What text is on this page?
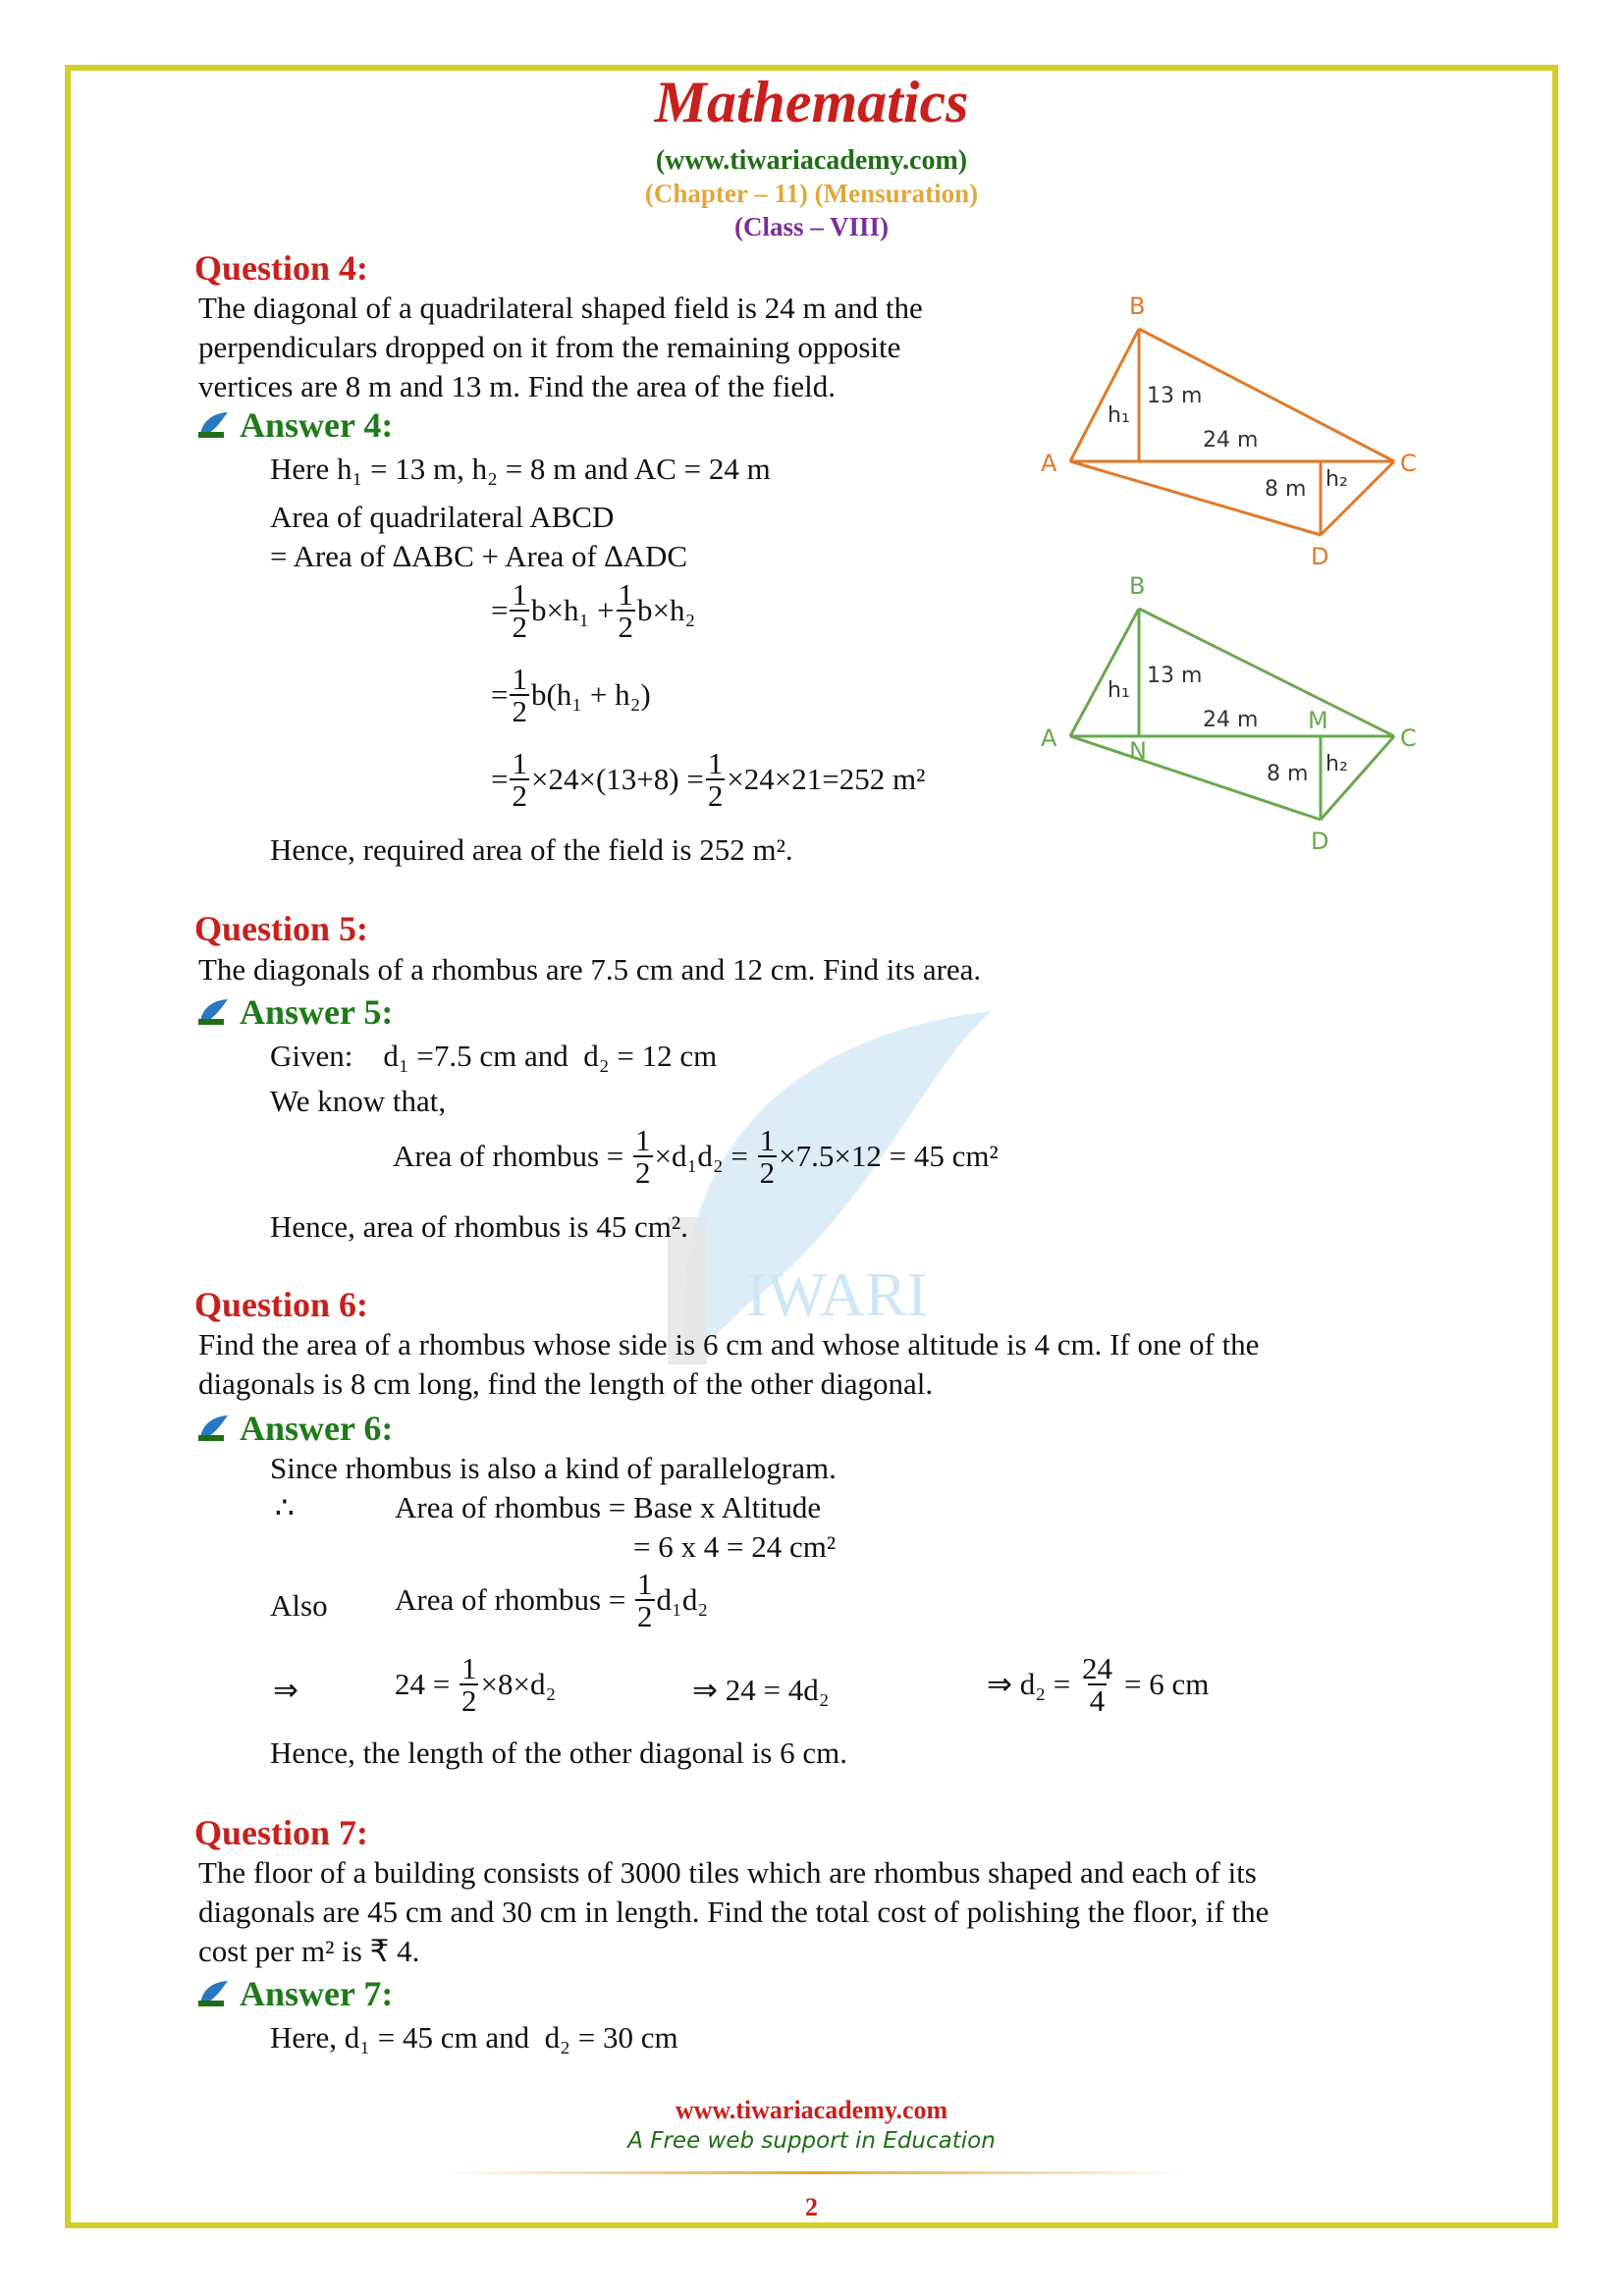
IWARI
Mathematics
(www.tiwariacademy.com)
(Chapter – 11) (Mensuration)
(Class – VIII)
Question 4:
The diagonal of a quadrilateral shaped field is 24 m and the
perpendiculars dropped on it from the remaining opposite
vertices are 8 m and 13 m. Find the area of the field.
Answer 4:
Here h₁ = 13 m, h₂ = 8 m and AC = 24 m
Area of quadrilateral ABCD
= Area of ∆ABC + Area of ∆ADC
= $\frac{1}{2} b\times h_1 + \frac{1}{2} b\times h_2$
= $\frac{1}{2} b(h_1 + h_2)$
= $\frac{1}{2} \times 24\times(13+8) = \frac{1}{2} \times 24\times 21=252$ m²
Hence, required area of the field is 252 m².
B
A	C
D
h₁
13 m
24 m
8 m h₂
B
A	C
D
N
M
h₁
13 m
24 m
8 m h₂
Question 5:
The diagonals of a rhombus are 7.5 cm and 12 cm. Find its area.
Answer 5:
Given:    d₁ =7.5 cm and  d₂ = 12 cm
We know that,
Area of rhombus = $\frac{1}{2} \times d_1d_2 = \frac{1}{2} \times 7.5\times 12 = 45$ cm²
Hence, area of rhombus is 45 cm².
Question 6:
Find the area of a rhombus whose side is 6 cm and whose altitude is 4 cm. If one of the
diagonals is 8 cm long, find the length of the other diagonal.
Answer 6:
Since rhombus is also a kind of parallelogram.
∴	Area of rhombus = Base x Altitude
= 6 x 4 = 24 cm²
Also Area of rhombus = $\frac{1}{2} d_1d_2$
⇒	$24 = \frac{1}{2} \times 8\times d_2$	⇒ 24 = 4d₂	⇒ $d_2 = \frac{24}{4} = 6$ cm
Hence, the length of the other diagonal is 6 cm.
Question 7:
The floor of a building consists of 3000 tiles which are rhombus shaped and each of its
diagonals are 45 cm and 30 cm in length. Find the total cost of polishing the floor, if the
cost per m² is ₹ 4.
Answer 7:
Here, d₁ = 45 cm and  d₂ = 30 cm
www.tiwariacademy.com
A Free web support in Education
2
